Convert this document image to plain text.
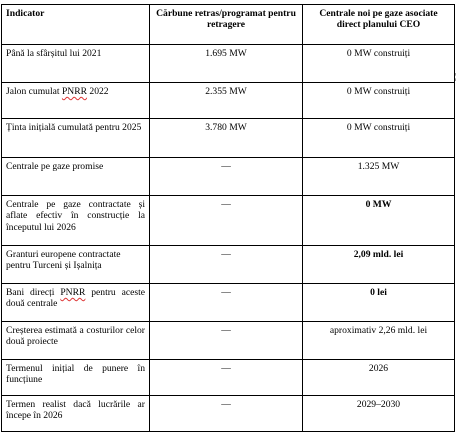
Indicator	Cărbune retras/programat pentru retragere	Centrale noi pe gaze asociate direct planului CEO
Până la sfârșitul lui 2021	1.695 MW	0 MW construiți
Jalon cumulat PNRR 2022	2.355 MW	0 MW construiți
Ținta inițială cumulată pentru 2025	3.780 MW	0 MW construiți
Centrale pe gaze promise	—	1.325 MW
Centrale pe gaze contractate și aflate efectiv în construcție la începutul lui 2026	—	0 MW
Granturi europene contractate pentru Turceni și Ișalnița	—	2,09 mld. lei
Bani direcți PNRR pentru aceste două centrale	—	0 lei
Creșterea estimată a costurilor celor două proiecte	—	aproximativ 2,26 mld. lei
Termenul inițial de punere în funcțiune	—	2026
Termen realist dacă lucrările ar începe în 2026	—	2029–2030
¦
